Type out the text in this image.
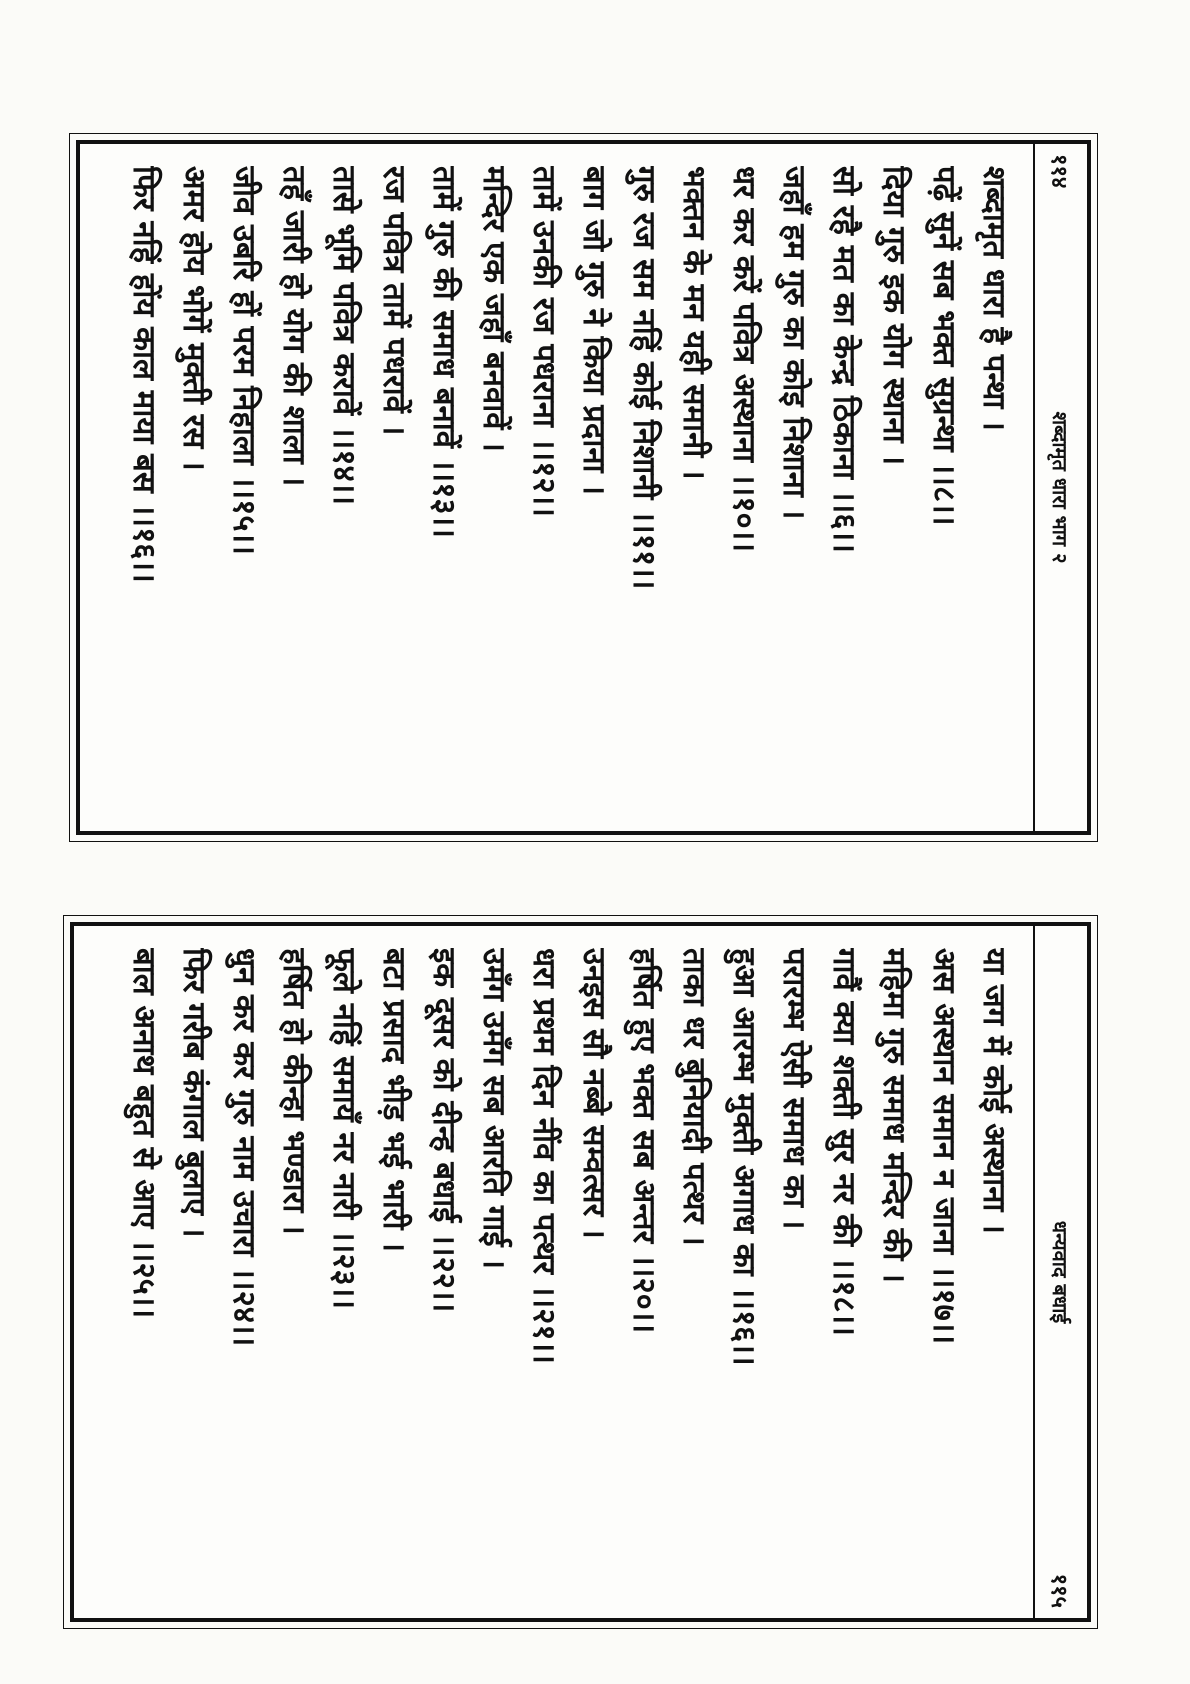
११४
शब्दामृत धारा भाग २
शब्दामृत धारा है पन्था ।
पढ़ें सुनें सब भक्त सुग्रन्था ।।८।।
दिया गुरु इक योग स्थाना ।
सो रहै मत का केन्द्र ठिकाना ।।६।।
जहाँ हम गुरु का कोइ निशाना ।
धर कर करें पवित्र अस्थाना ।।१०।।
भक्तन के मन यही समानी ।
गुरु रज सम नहिं कोई निशानी ।।११।।
बाग जो गुरु ने किया प्रदाना ।
तामें उनकी रज पधराना ।।१२।।
मन्दिर एक जहाँ बनवावें ।
तामें गुरु की समाध बनावें ।।१३।।
रज पवित्र तामें पधरावें ।
तासे भूमि पवित्र करावें ।।१४।।
तहँ जारी हो योग की शाला ।
जीव उबरि हों परम निहाला ।।१५।।
अमर होय भोगें मुक्ती रस ।
फिर नहिं होंय काल माया बस ।।१६।।
धन्यवाद बधाई
११५
या जग में कोई अस्थाना ।
अस अस्थान समान न जाना ।।१७।।
महिमा गुरु समाध मन्दिर की ।
गावैं क्या शक्ती सुर नर की ।।१८।।
परारम्भ ऐसी समाध का ।
हुआ आरम्भ मुक्ती अगाध का ।।१६।।
ताका धर बुनियादी पत्थर ।
हर्षित हुए भक्त सब अन्तर ।।२०।।
उनइस सौ नब्बे सम्वत्सर ।
धरा प्रथम दिन नींव का पत्थर ।।२१।।
उमँग उमँग सब आरति गाई ।
इक दूसर को दीन्ह बधाई ।।२२।।
बटा प्रसाद भीड़ भई भारी ।
फूले नहिं समायँ नर नारी ।।२३।।
हर्षित हो कीन्हा भण्डारा ।
धुन कर कर गुरु नाम उचारा ।।२४।।
फिर गरीब कंगाल बुलाए ।
बाल अनाथ बहुत से आए ।।२५।।
